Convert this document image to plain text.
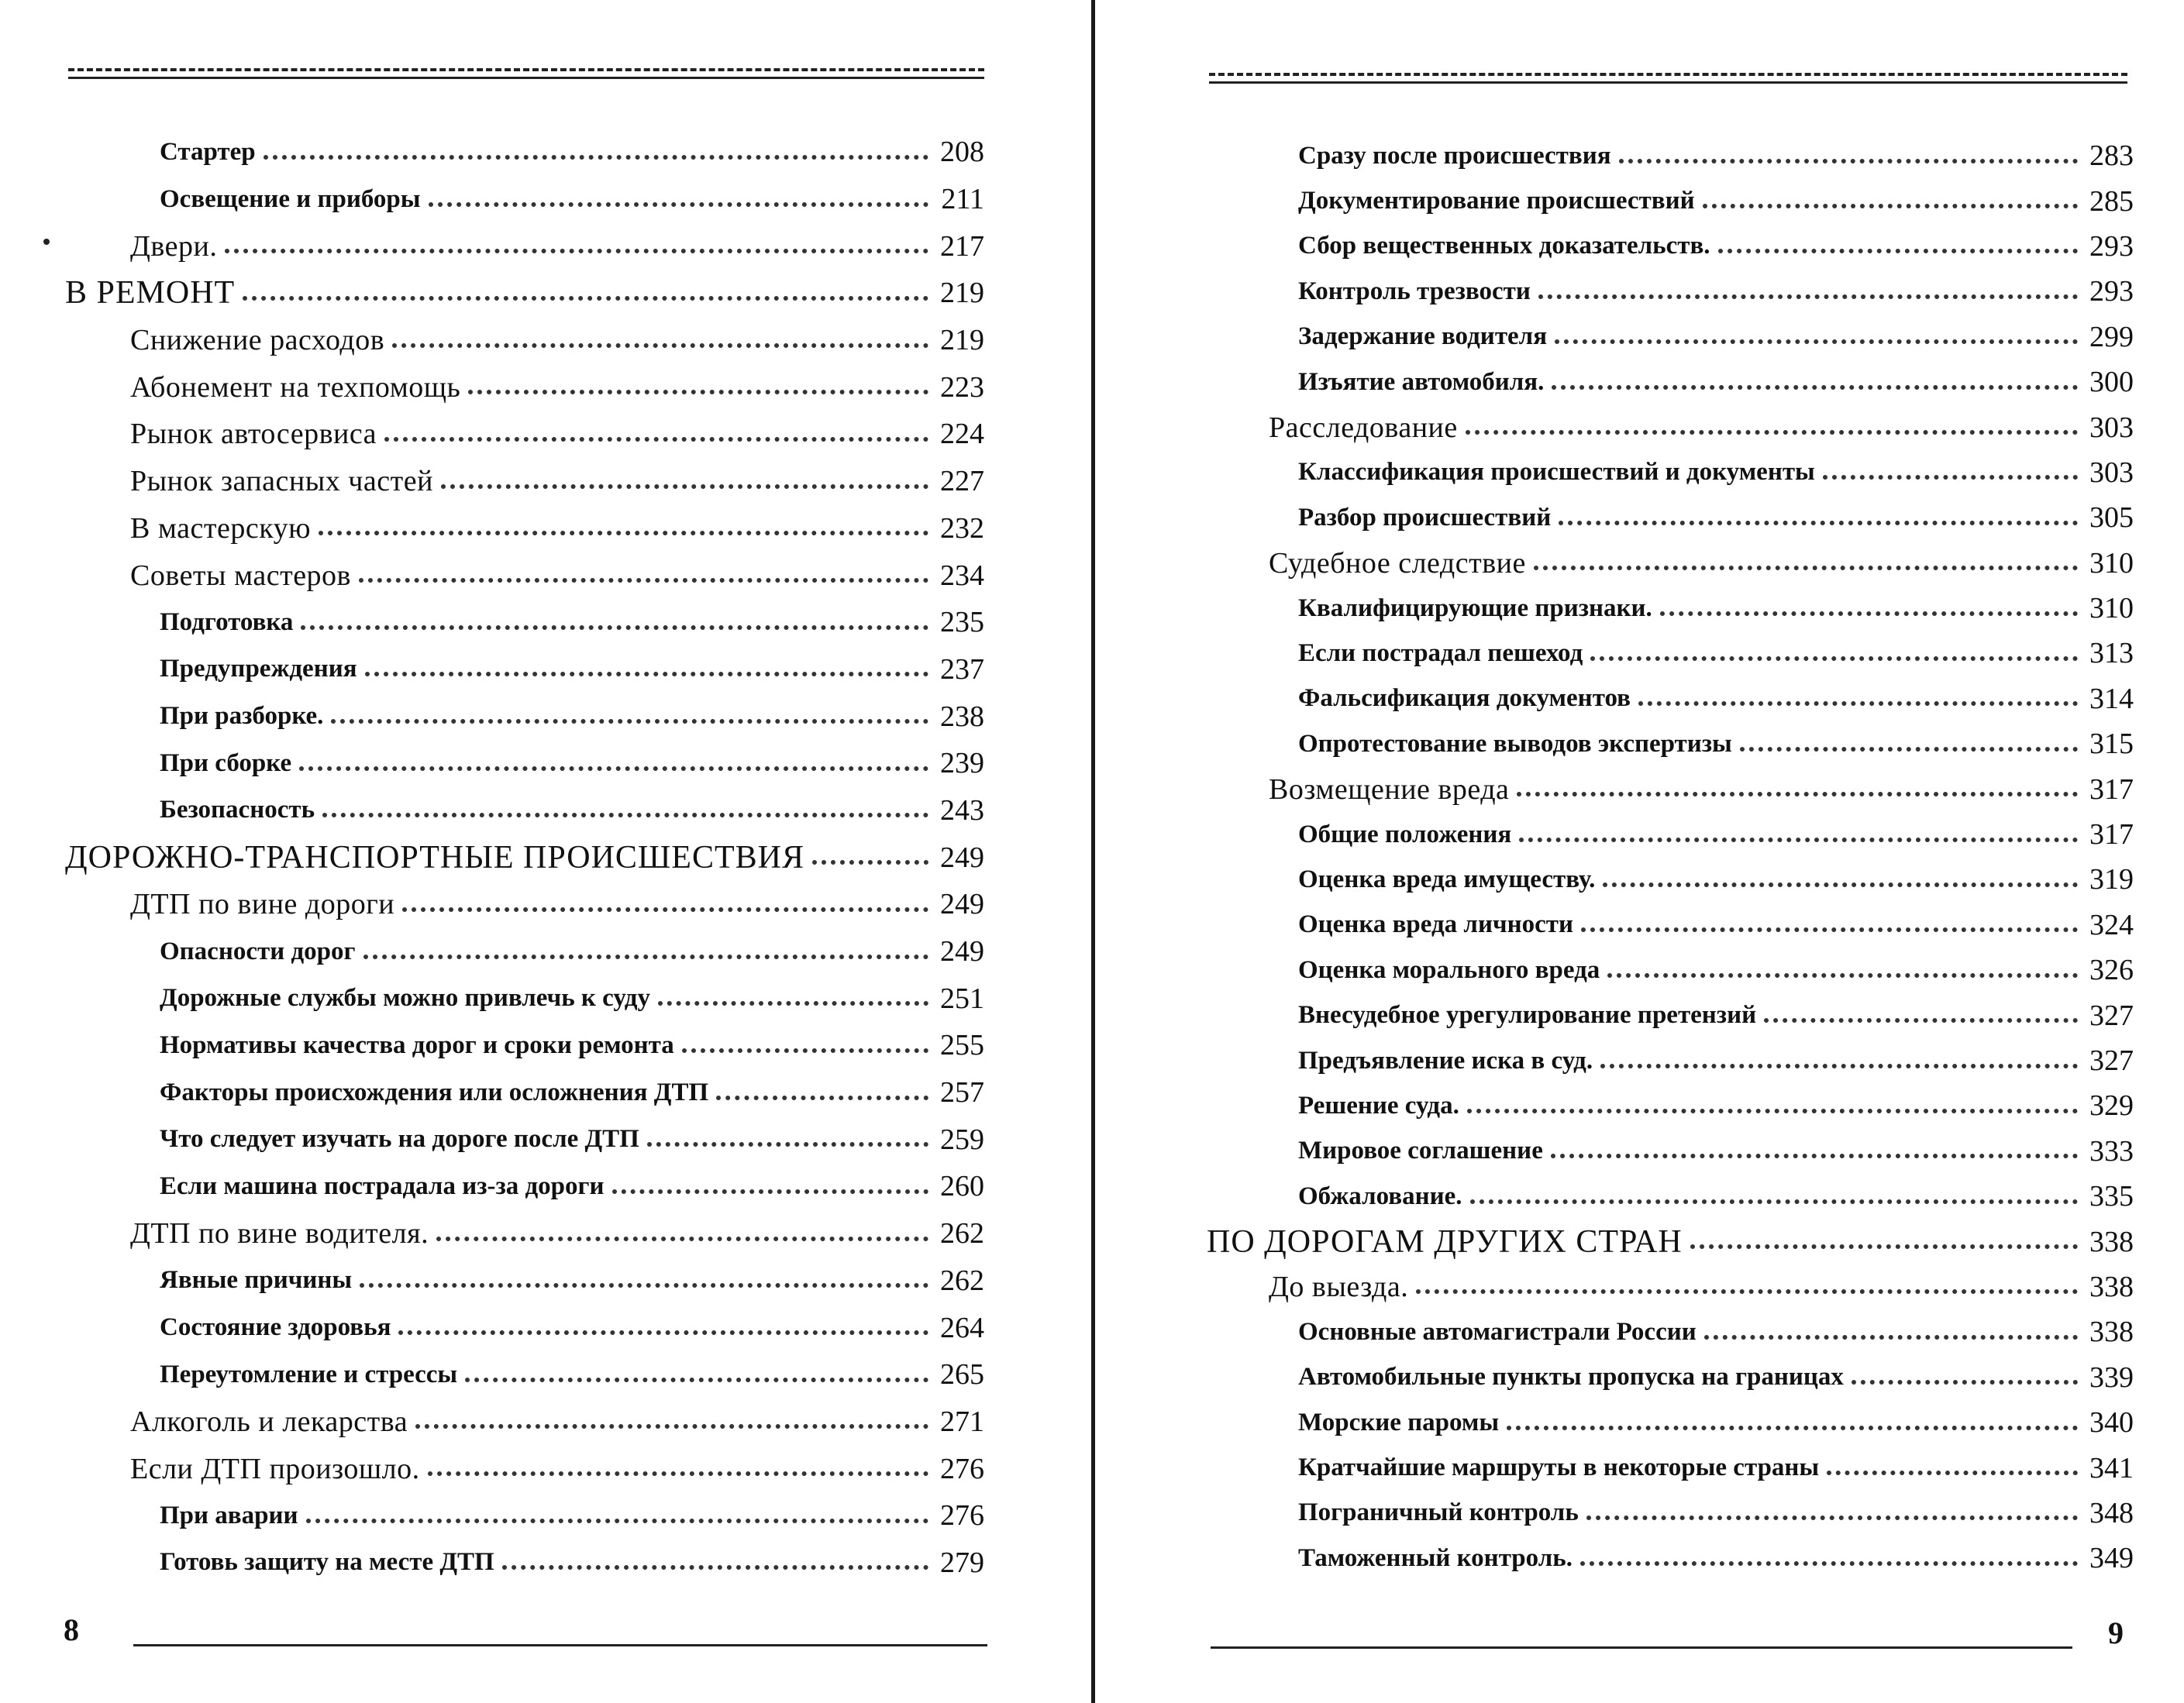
Стартер	208
Освещение и приборы	211
Двери.	217
В РЕМОНТ	219
Снижение расходов	219
Абонемент на техпомощь	223
Рынок автосервиса	224
Рынок запасных частей	227
В мастерскую	232
Советы мастеров	234
Подготовка	235
Предупреждения	237
При разборке.	238
При сборке	239
Безопасность	243
ДОРОЖНО-ТРАНСПОРТНЫЕ ПРОИСШЕСТВИЯ	249
ДТП по вине дороги	249
Опасности дорог	249
Дорожные службы можно привлечь к суду	251
Нормативы качества дорог и сроки ремонта	255
Факторы происхождения или осложнения ДТП	257
Что следует изучать на дороге после ДТП	259
Если машина пострадала из-за дороги	260
ДТП по вине водителя.	262
Явные причины	262
Состояние здоровья	264
Переутомление и стрессы	265
Алкоголь и лекарства	271
Если ДТП произошло.	276
При аварии	276
Готовь защиту на месте ДТП	279
8
Сразу после происшествия	283
Документирование происшествий	285
Сбор вещественных доказательств.	293
Контроль трезвости	293
Задержание водителя	299
Изъятие автомобиля.	300
Расследование	303
Классификация происшествий и документы	303
Разбор происшествий	305
Судебное следствие	310
Квалифицирующие признаки.	310
Если пострадал пешеход	313
Фальсификация документов	314
Опротестование выводов экспертизы	315
Возмещение вреда	317
Общие положения	317
Оценка вреда имуществу.	319
Оценка вреда личности	324
Оценка морального вреда	326
Внесудебное урегулирование претензий	327
Предъявление иска в суд.	327
Решение суда.	329
Мировое соглашение	333
Обжалование.	335
ПО ДОРОГАМ ДРУГИХ СТРАН	338
До выезда.	338
Основные автомагистрали России	338
Автомобильные пункты пропуска на границах	339
Морские паромы	340
Кратчайшие маршруты в некоторые страны	341
Пограничный контроль	348
Таможенный контроль.	349
9
